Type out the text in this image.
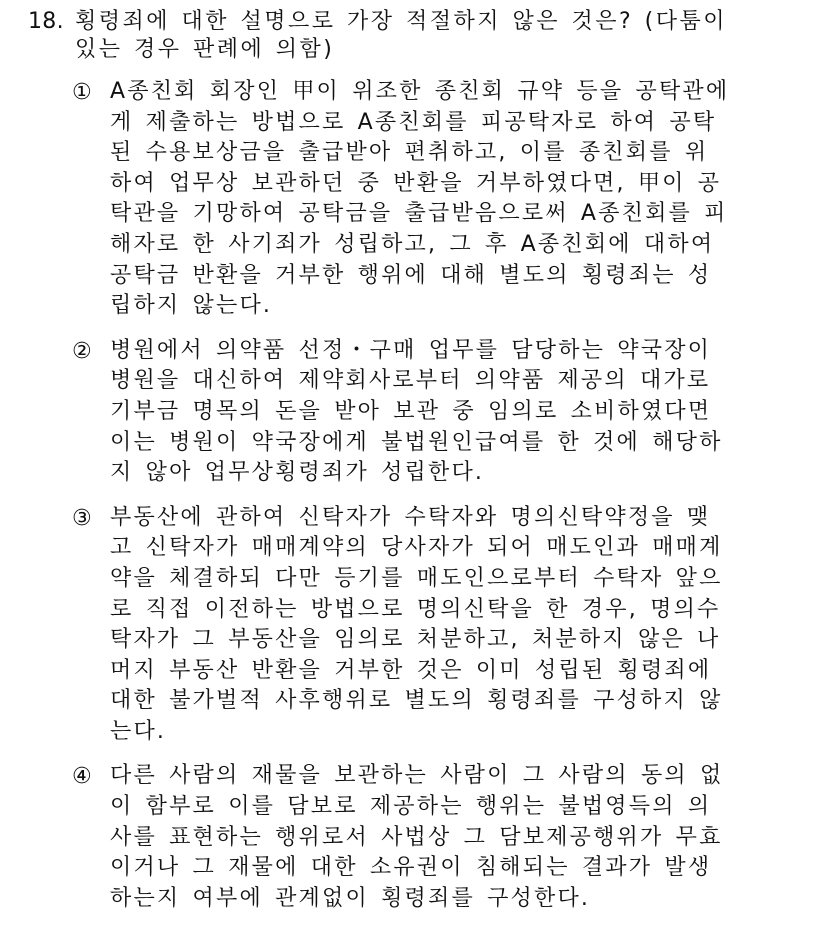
18. 횡령죄에 대한 설명으로 가장 적절하지 않은 것은? (다툼이
있는 경우 판례에 의함)
① A종친회 회장인 甲이 위조한 종친회 규약 등을 공탁관에
게 제출하는 방법으로 A종친회를 피공탁자로 하여 공탁
된 수용보상금을 출급받아 편취하고, 이를 종친회를 위
하여 업무상 보관하던 중 반환을 거부하였다면, 甲이 공
탁관을 기망하여 공탁금을 출급받음으로써 A종친회를 피
해자로 한 사기죄가 성립하고, 그 후 A종친회에 대하여
공탁금 반환을 거부한 행위에 대해 별도의 횡령죄는 성
립하지 않는다.
② 병원에서 의약품 선정・구매 업무를 담당하는 약국장이
병원을 대신하여 제약회사로부터 의약품 제공의 대가로
기부금 명목의 돈을 받아 보관 중 임의로 소비하였다면
이는 병원이 약국장에게 불법원인급여를 한 것에 해당하
지 않아 업무상횡령죄가 성립한다.
③ 부동산에 관하여 신탁자가 수탁자와 명의신탁약정을 맺
고 신탁자가 매매계약의 당사자가 되어 매도인과 매매계
약을 체결하되 다만 등기를 매도인으로부터 수탁자 앞으
로 직접 이전하는 방법으로 명의신탁을 한 경우, 명의수
탁자가 그 부동산을 임의로 처분하고, 처분하지 않은 나
머지 부동산 반환을 거부한 것은 이미 성립된 횡령죄에
대한 불가벌적 사후행위로 별도의 횡령죄를 구성하지 않
는다.
④ 다른 사람의 재물을 보관하는 사람이 그 사람의 동의 없
이 함부로 이를 담보로 제공하는 행위는 불법영득의 의
사를 표현하는 행위로서 사법상 그 담보제공행위가 무효
이거나 그 재물에 대한 소유권이 침해되는 결과가 발생
하는지 여부에 관계없이 횡령죄를 구성한다.
